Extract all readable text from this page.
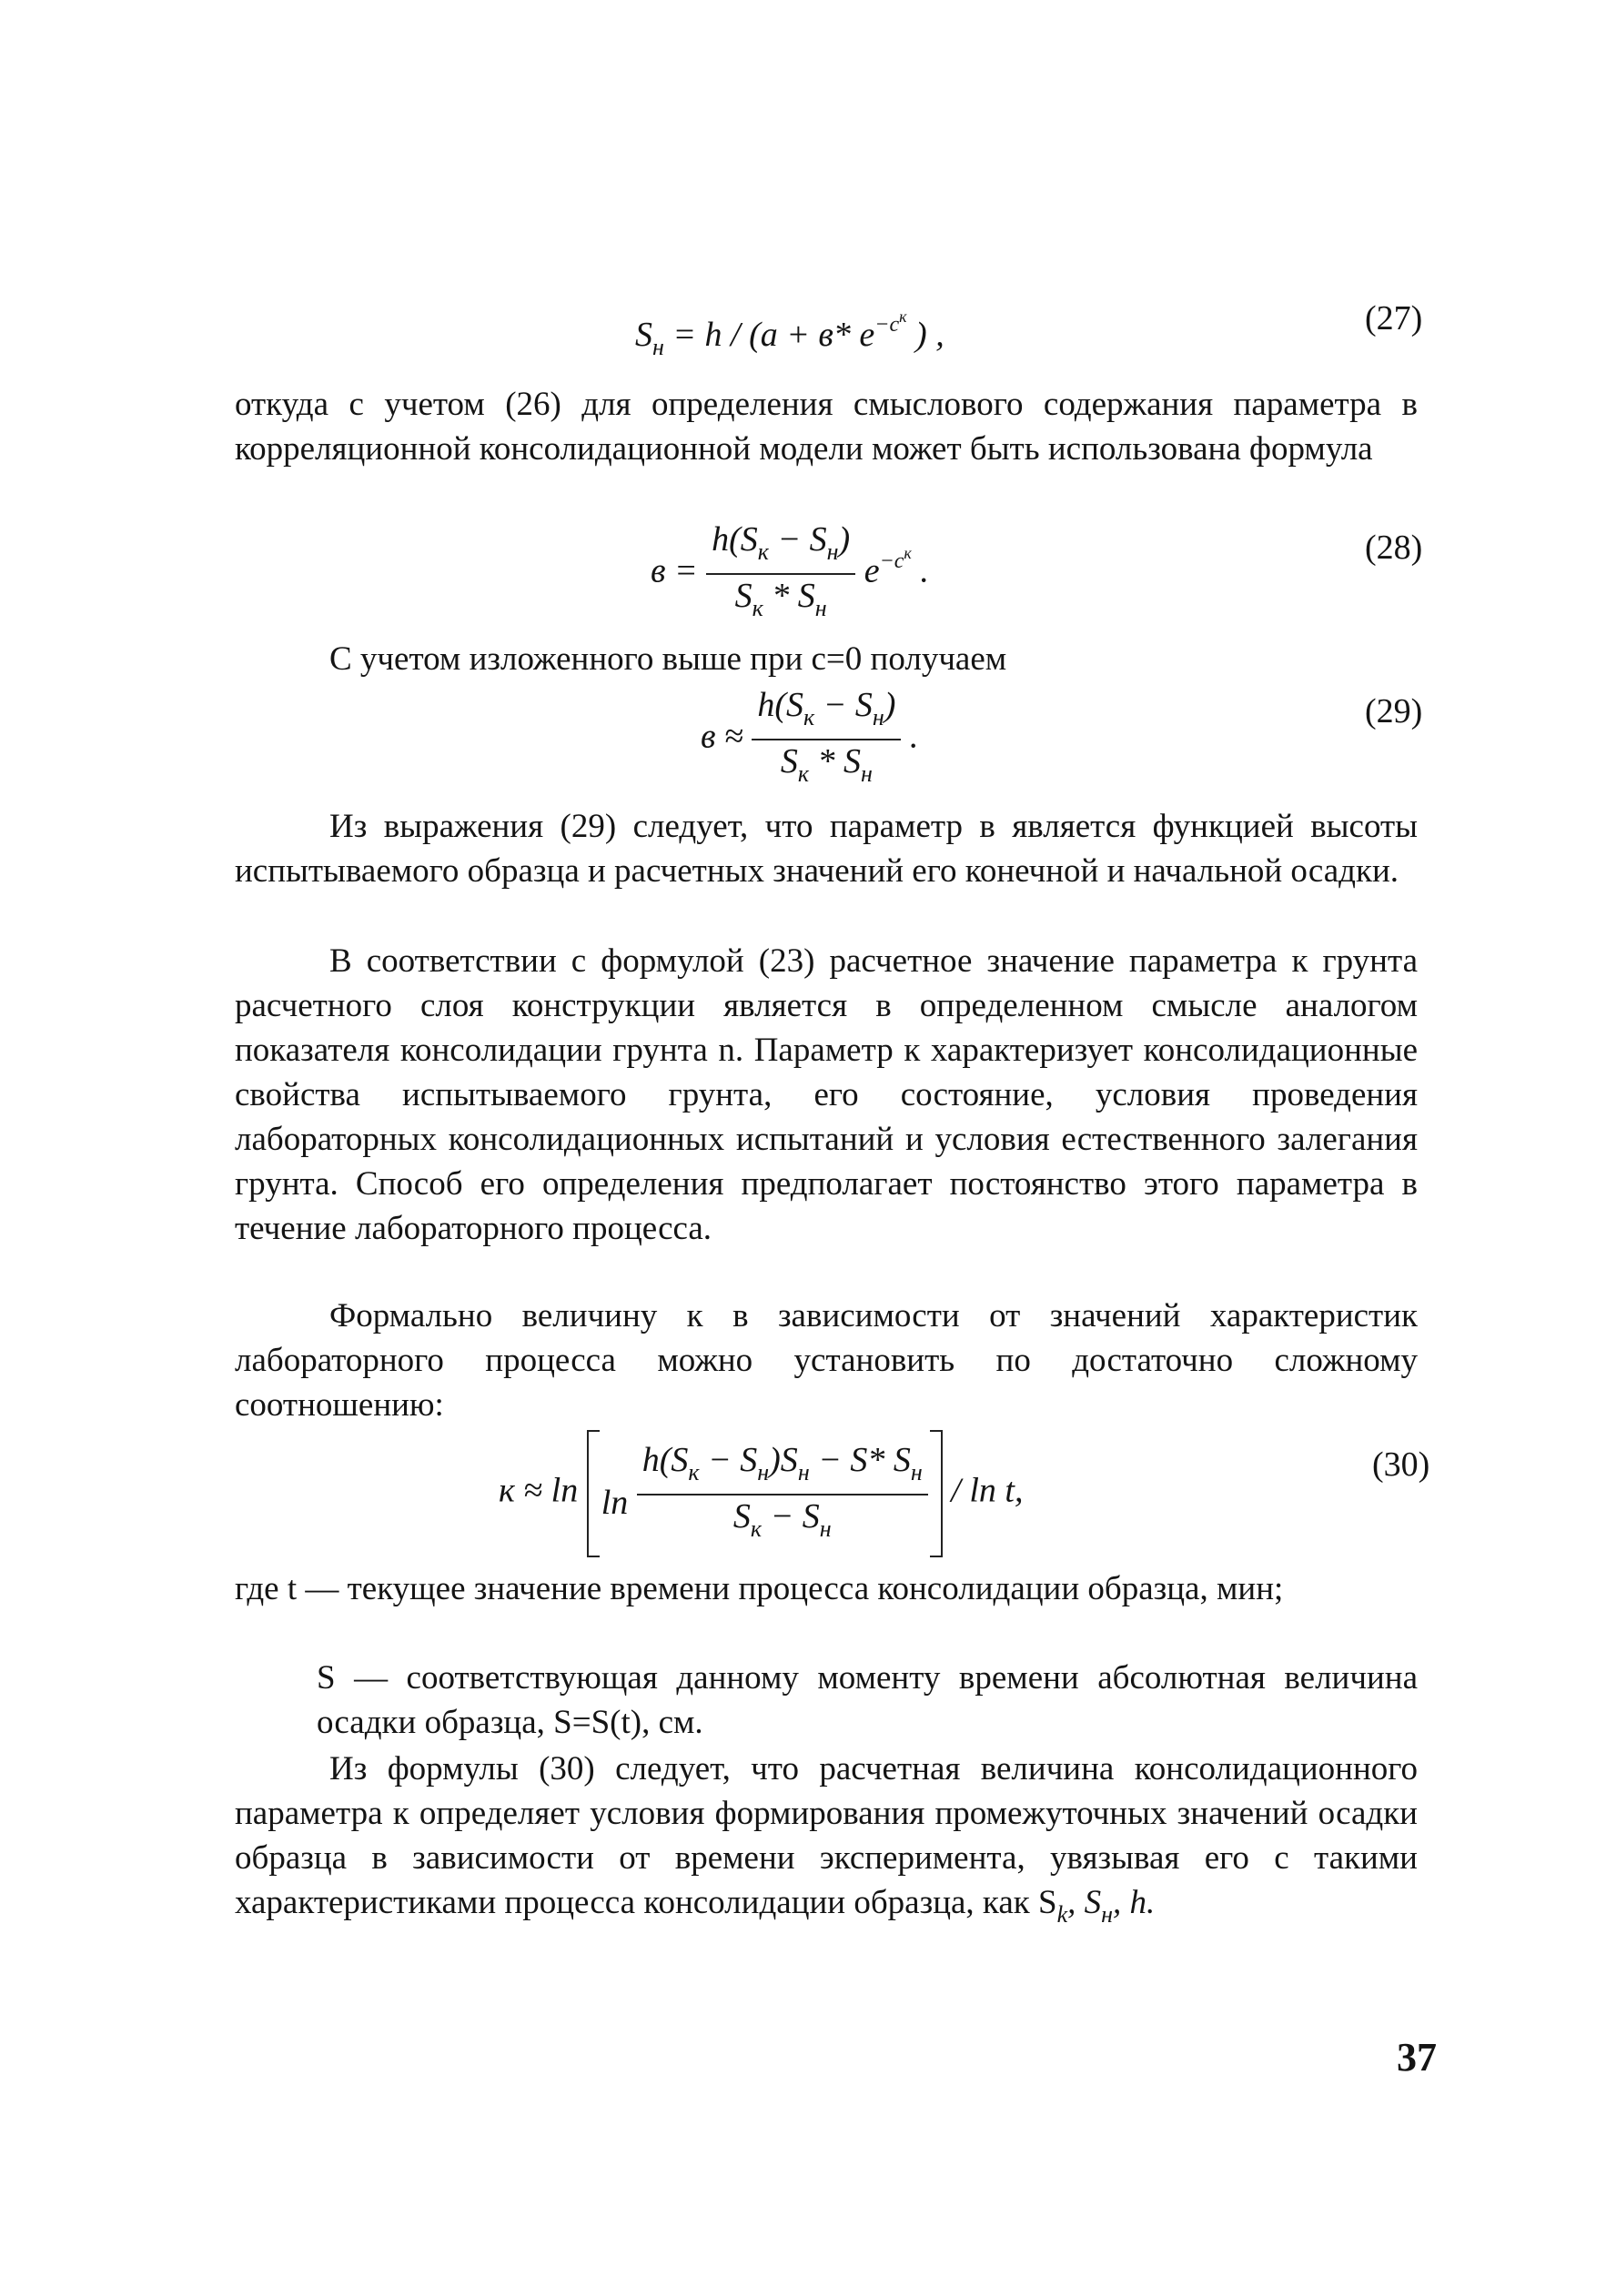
$S_н = h / (a + в*$ $e^{-c^к}$ ) ,	(27)
откуда с учетом (26) для определения смыслового содержания параметра в корреляционной консолидационной модели может быть использована формула
$в = \frac{h(S_к - S_н)}{S_к * S_н} e^{-c^к}$ .
(28)
С учетом изложенного выше при c=0 получаем
$в \approx \frac{h(S_к - S_н)}{S_к * S_н}$ .
(29)
Из выражения (29) следует, что параметр в является функцией высоты испытываемого образца и расчетных значений его конечной и начальной осадки.
В соответствии с формулой (23) расчетное значение параметра к грунта расчетного слоя конструкции является в определенном смысле аналогом показателя консолидации грунта n. Параметр к характеризует консолидационные свойства испытываемого грунта, его состояние, условия проведения лабораторных консолидационных испытаний и условия естественного залегания грунта. Способ его определения предполагает постоянство этого параметра в течение лабораторного процесса.
Формально величину к в зависимости от значений характеристик лабораторного процесса можно установить по достаточно сложному соотношению:
$к \approx \ln \ln \frac{h(S_к - S_н)S_н - S* S_н}{S_к - S_н} / \ln t$,
(30)
где t — текущее значение времени процесса консолидации образца, мин;
S — соответствующая данному моменту времени абсолютная величина осадки образца, S=S(t), см.
Из формулы (30) следует, что расчетная величина консолидационного параметра к определяет условия формирования промежуточных значений осадки образца в зависимости от времени эксперимента, увязывая его с такими характеристиками процесса консолидации образца, как $S_k$, $S_н$, h.
37
